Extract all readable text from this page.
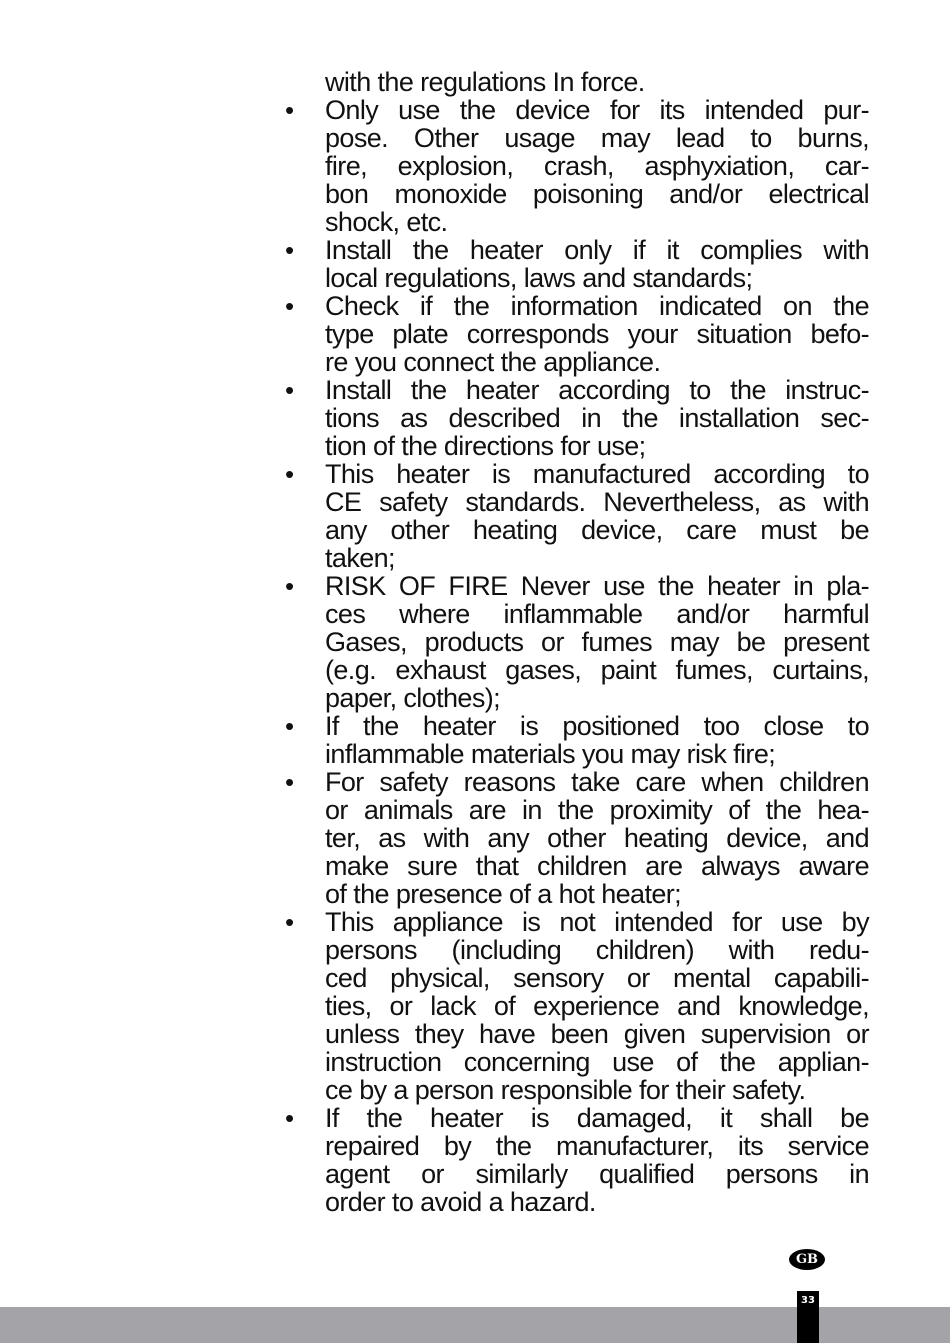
with the regulations In force.
• Only use the device for its intended pur-
pose. Other usage may lead to burns,
fire, explosion, crash, asphyxiation, car-
bon monoxide poisoning and/or electrical
shock, etc.
• Install the heater only if it complies with
local regulations, laws and standards;
• Check if the information indicated on the
type plate corresponds your situation befo-
re you connect the appliance.
• Install the heater according to the instruc-
tions as described in the installation sec-
tion of the directions for use;
• This heater is manufactured according to
CE safety standards. Nevertheless, as with
any other heating device, care must be
taken;
• RISK OF FIRE Never use the heater in pla-
ces where inflammable and/or harmful
Gases, products or fumes may be present
(e.g. exhaust gases, paint fumes, curtains,
paper, clothes);
• If the heater is positioned too close to
inflammable materials you may risk fire;
• For safety reasons take care when children
or animals are in the proximity of the hea-
ter, as with any other heating device, and
make sure that children are always aware
of the presence of a hot heater;
• This appliance is not intended for use by
persons (including children) with redu-
ced physical, sensory or mental capabili-
ties, or lack of experience and knowledge,
unless they have been given supervision or
instruction concerning use of the applian-
ce by a person responsible for their safety.
• If the heater is damaged, it shall be
repaired by the manufacturer, its service
agent or similarly qualified persons in
order to avoid a hazard.
GB
33
